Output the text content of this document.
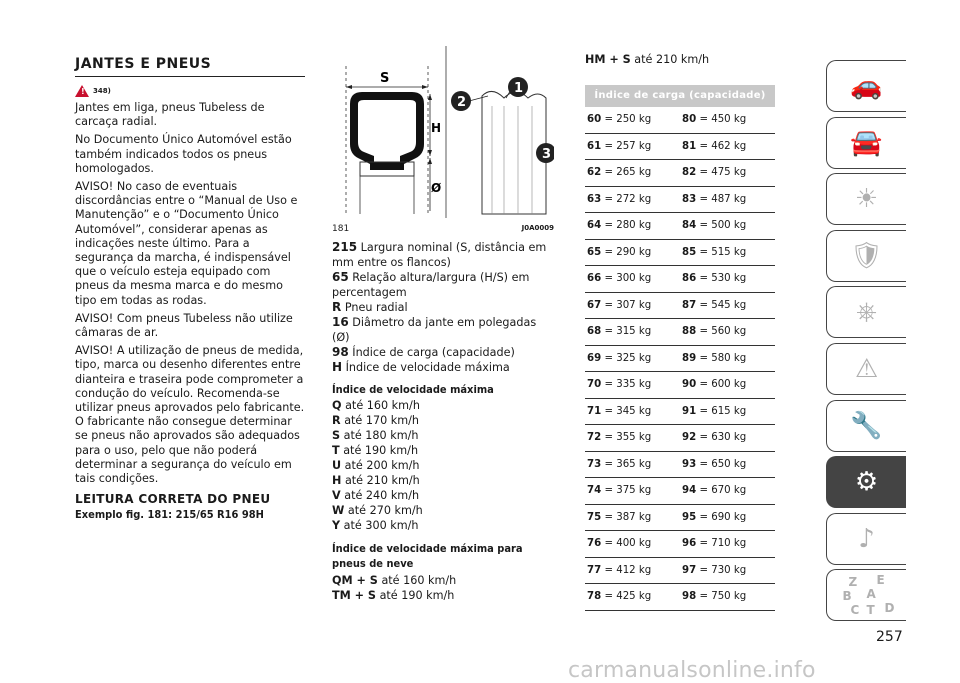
JANTES E PNEUS
! 348)

Jantes em liga, pneus Tubeless de carcaça radial.

No Documento Único Automóvel estão também indicados todos os pneus homologados.

AVISO! No caso de eventuais discordâncias entre o “Manual de Uso e Manutenção” e o “Documento Único Automóvel”, considerar apenas as indicações neste último. Para a segurança da marcha, é indispensável que o veículo esteja equipado com pneus da mesma marca e do mesmo tipo em todas as rodas.

AVISO! Com pneus Tubeless não utilize câmaras de ar.

AVISO! A utilização de pneus de medida, tipo, marca ou desenho diferentes entre dianteira e traseira pode comprometer a condução do veículo. Recomenda-se utilizar pneus aprovados pelo fabricante. O fabricante não consegue determinar se pneus não aprovados são adequados para o uso, pelo que não poderá determinar a segurança do veículo em tais condições.

LEITURA CORRETA DO PNEU
Exemplo fig. 181: 215/65 R16 98H
S
H
Ø
2
1
3
181	J0A0009
215 Largura nominal (S, distância em mm entre os flancos)
65 Relação altura/largura (H/S) em percentagem
R Pneu radial
16 Diâmetro da jante em polegadas (Ø)
98 Índice de carga (capacidade)
H Índice de velocidade máxima
Índice de velocidade máxima
Q até 160 km/h
R até 170 km/h
S até 180 km/h
T até 190 km/h
U até 200 km/h
H até 210 km/h
V até 240 km/h
W até 270 km/h
Y até 300 km/h
Índice de velocidade máxima para pneus de neve
QM + S até 160 km/h
TM + S até 190 km/h
HM + S até 210 km/h
Índice de carga (capacidade)
60 = 250 kg	80 = 450 kg
61 = 257 kg	81 = 462 kg
62 = 265 kg	82 = 475 kg
63 = 272 kg	83 = 487 kg
64 = 280 kg	84 = 500 kg
65 = 290 kg	85 = 515 kg
66 = 300 kg	86 = 530 kg
67 = 307 kg	87 = 545 kg
68 = 315 kg	88 = 560 kg
69 = 325 kg	89 = 580 kg
70 = 335 kg	90 = 600 kg
71 = 345 kg	91 = 615 kg
72 = 355 kg	92 = 630 kg
73 = 365 kg	93 = 650 kg
74 = 375 kg	94 = 670 kg
75 = 387 kg	95 = 690 kg
76 = 400 kg	96 = 710 kg
77 = 412 kg	97 = 730 kg
78 = 425 kg	98 = 750 kg
🚗
🚘
☀
🛡
⎈
⚠
🔧
⚙
♪
Z E
B A
C T D
257
carmanualsonline.info
